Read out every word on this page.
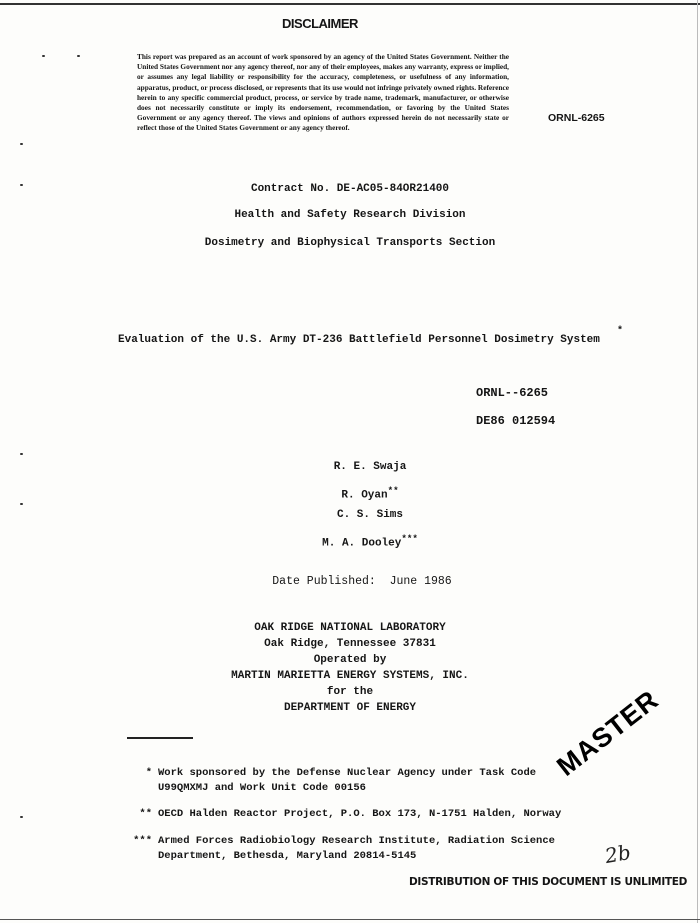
DISCLAIMER
This report was prepared as an account of work sponsored by an agency of the United States Government. Neither the United States Government nor any agency thereof, nor any of their employees, makes any warranty, express or implied, or assumes any legal liability or responsibility for the accuracy, completeness, or usefulness of any information, apparatus, product, or process disclosed, or represents that its use would not infringe privately owned rights. Reference herein to any specific commercial product, process, or service by trade name, trademark, manufacturer, or otherwise does not necessarily constitute or imply its endorsement, recommendation, or favoring by the United States Government or any agency thereof. The views and opinions of authors expressed herein do not necessarily state or reflect those of the United States Government or any agency thereof.
ORNL-6265
Contract No. DE-AC05-84OR21400
Health and Safety Research Division
Dosimetry and Biophysical Transports Section
Evaluation of the U.S. Army DT-236 Battlefield Personnel Dosimetry System
*
ORNL--6265
DE86 012594
R. E. Swaja
R. Oyan**
C. S. Sims
M. A. Dooley***
Date Published:  June 1986
OAK RIDGE NATIONAL LABORATORY
Oak Ridge, Tennessee 37831
Operated by
MARTIN MARIETTA ENERGY SYSTEMS, INC.
for the
DEPARTMENT OF ENERGY
* Work sponsored by the Defense Nuclear Agency under Task Code
U99QMXMJ and Work Unit Code 00156
** OECD Halden Reactor Project, P.O. Box 173, N-1751 Halden, Norway
*** Armed Forces Radiobiology Research Institute, Radiation Science
Department, Bethesda, Maryland 20814-5145
MASTER
2b
DISTRIBUTION OF THIS DOCUMENT IS UNLIMITED
